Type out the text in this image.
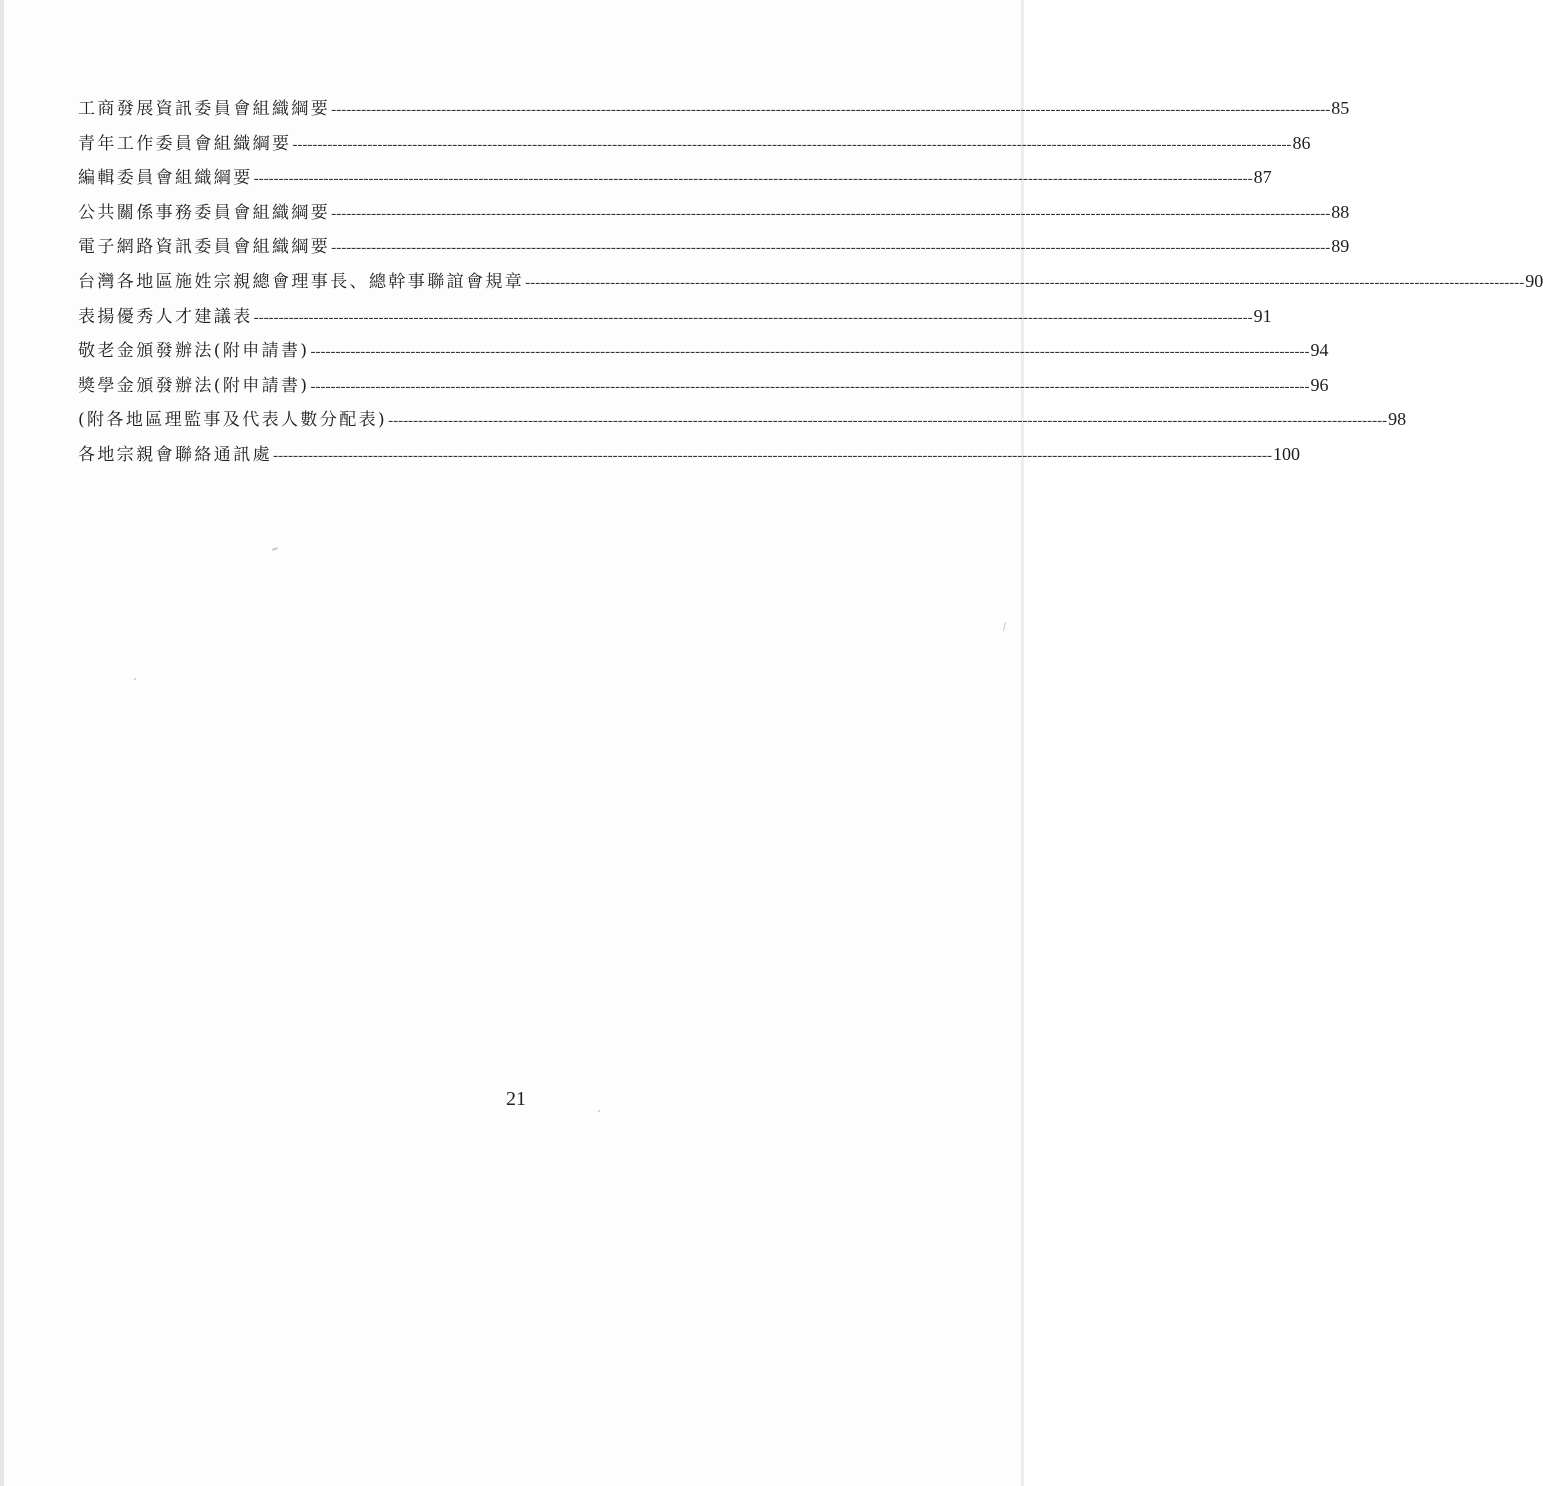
工商發展資訊委員會組織綱要 -------------------------------------------------------------------------------------------------------------------------------------------------------------------------------------------------------- 85
青年工作委員會組織綱要 -------------------------------------------------------------------------------------------------------------------------------------------------------------------------------------------------------- 86
編輯委員會組織綱要 -------------------------------------------------------------------------------------------------------------------------------------------------------------------------------------------------------- 87
公共關係事務委員會組織綱要 -------------------------------------------------------------------------------------------------------------------------------------------------------------------------------------------------------- 88
電子網路資訊委員會組織綱要 -------------------------------------------------------------------------------------------------------------------------------------------------------------------------------------------------------- 89
台灣各地區施姓宗親總會理事長、總幹事聯誼會規章 -------------------------------------------------------------------------------------------------------------------------------------------------------------------------------------------------------- 90
表揚優秀人才建議表 -------------------------------------------------------------------------------------------------------------------------------------------------------------------------------------------------------- 91
敬老金頒發辦法(附申請書) -------------------------------------------------------------------------------------------------------------------------------------------------------------------------------------------------------- 94
獎學金頒發辦法(附申請書) -------------------------------------------------------------------------------------------------------------------------------------------------------------------------------------------------------- 96
(附各地區理監事及代表人數分配表) -------------------------------------------------------------------------------------------------------------------------------------------------------------------------------------------------------- 98
各地宗親會聯絡通訊處 -------------------------------------------------------------------------------------------------------------------------------------------------------------------------------------------------------- 100
21
